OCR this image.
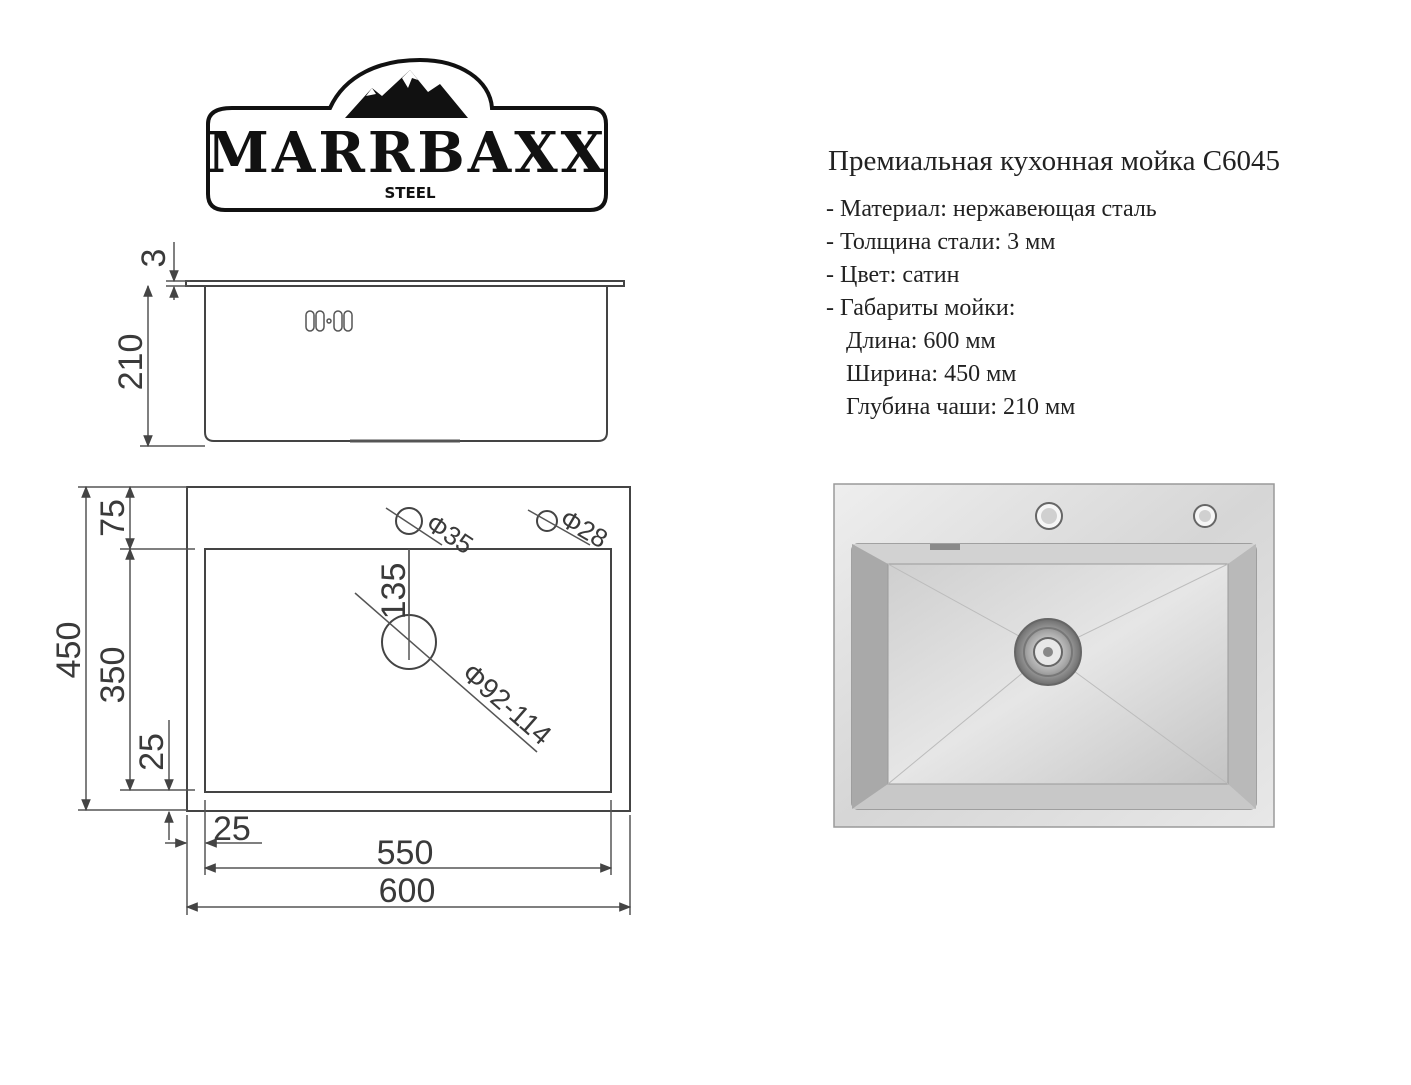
MARRBAXX
STEEL
Премиальная кухонная мойка C6045
- Материал: нержавеющая сталь
- Толщина стали: 3 мм
- Цвет: сатин
- Габариты мойки:
Длина: 600 мм
Ширина: 450 мм
Глубина чаши: 210 мм
3
210
Φ35	Φ28
Φ92-114
135
450
75
350
25
25
550
600
